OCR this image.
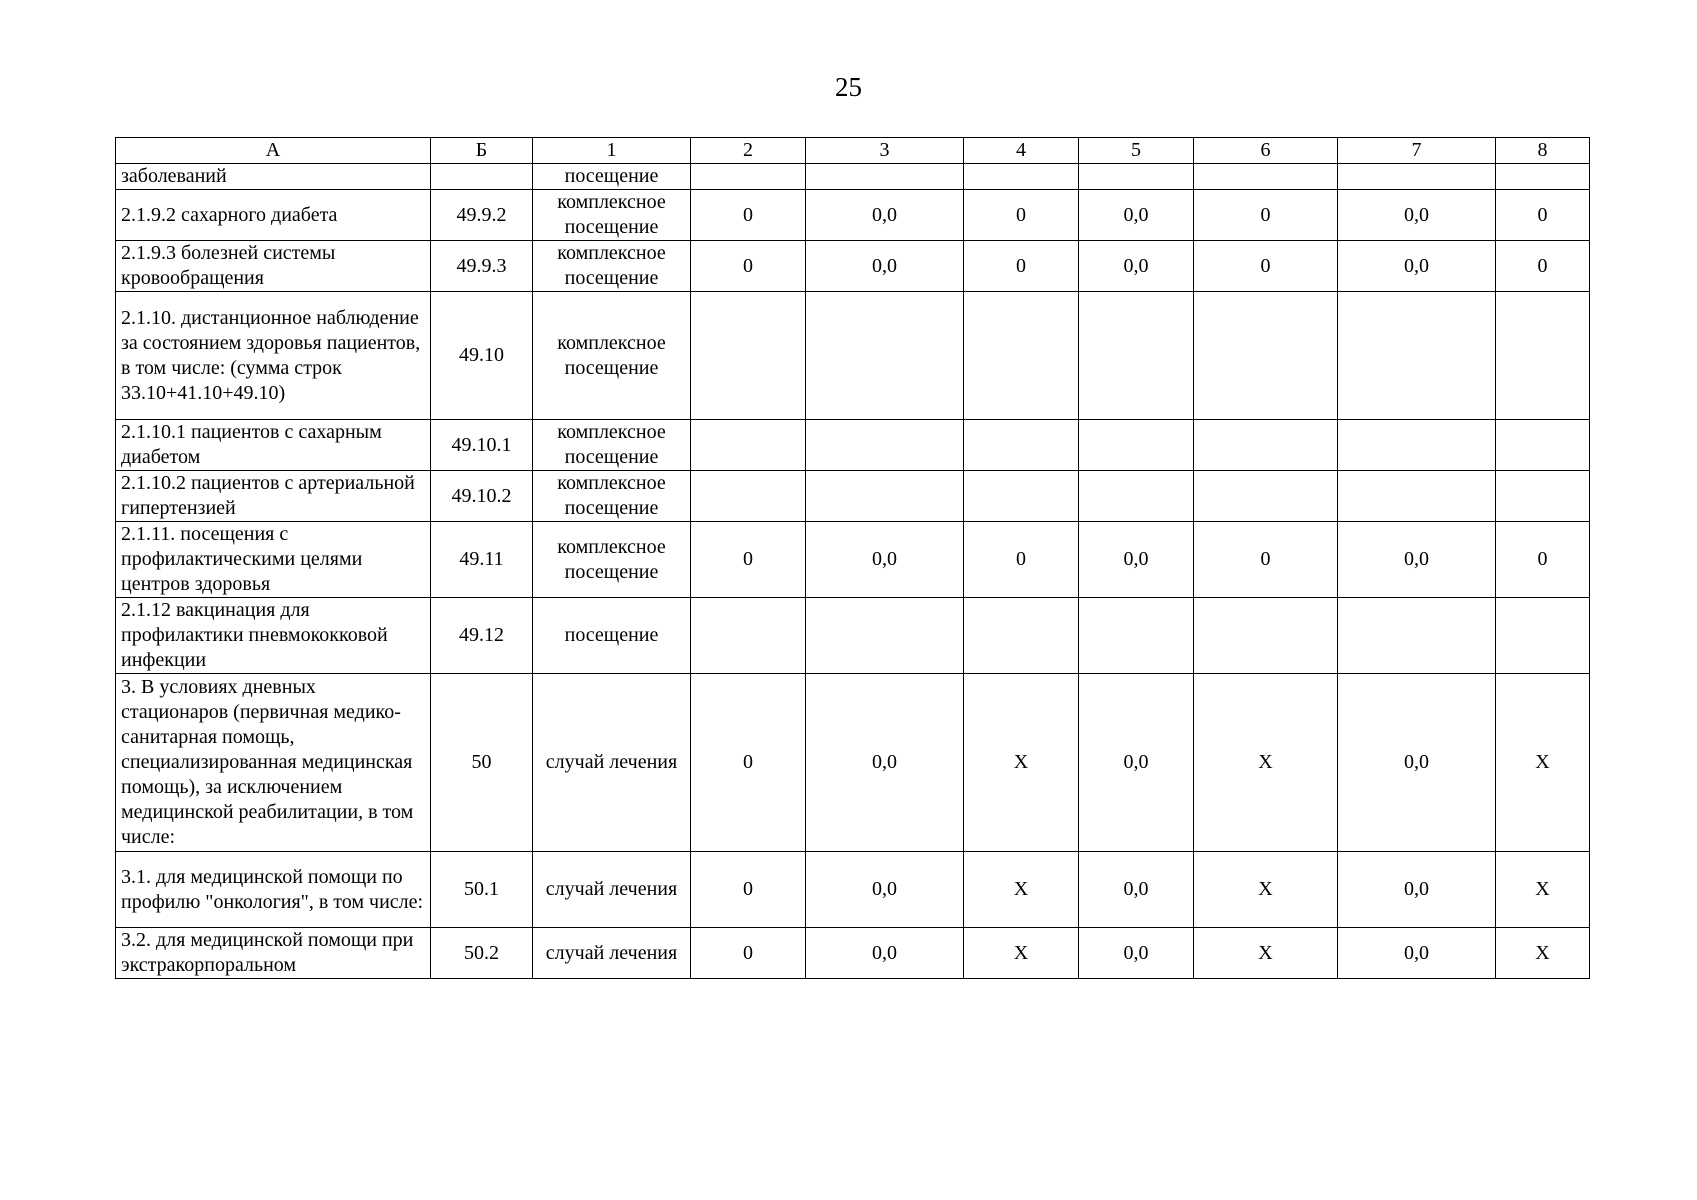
25
А	Б	1	2	3	4	5	6	7	8	
заболеваний		посещение								
2.1.9.2 сахарного диабета	49.9.2	комплексное посещение	0	0,0	0	0,0	0	0,0	0	
2.1.9.3 болезней системы кровообращения	49.9.3	комплексное посещение	0	0,0	0	0,0	0	0,0	0	
2.1.10. дистанционное наблюдение за состоянием здоровья пациентов, в том числе: (сумма строк 33.10+41.10+49.10)	49.10	комплексное посещение								
2.1.10.1 пациентов с сахарным диабетом	49.10.1	комплексное посещение								
2.1.10.2 пациентов с артериальной гипертензией	49.10.2	комплексное посещение								
2.1.11. посещения с профилактическими целями центров здоровья	49.11	комплексное посещение	0	0,0	0	0,0	0	0,0	0	
2.1.12 вакцинация для профилактики пневмококковой инфекции	49.12	посещение								
3. В условиях дневных стационаров (первичная медико-санитарная помощь, специализированная медицинская помощь), за исключением медицинской реабилитации, в том числе:	50	случай лечения	0	0,0	Х	0,0	Х	0,0	Х	
3.1. для медицинской помощи по профилю "онкология", в том числе:	50.1	случай лечения	0	0,0	Х	0,0	Х	0,0	Х	
3.2. для медицинской помощи при экстракорпоральном	50.2	случай лечения	0	0,0	Х	0,0	Х	0,0	Х	
